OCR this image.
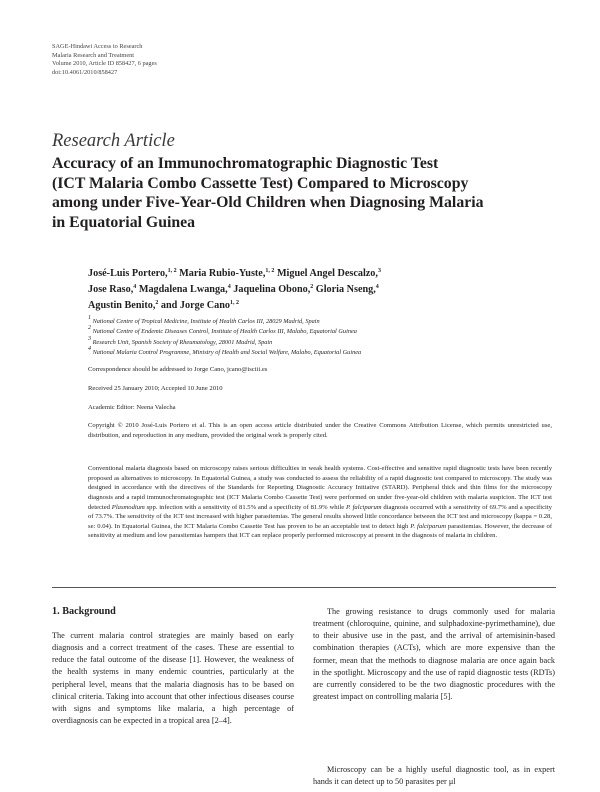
SAGE-Hindawi Access to Research
Malaria Research and Treatment
Volume 2010, Article ID 858427, 6 pages
doi:10.4061/2010/858427
Research Article
Accuracy of an Immunochromatographic Diagnostic Test
(ICT Malaria Combo Cassette Test) Compared to Microscopy
among under Five-Year-Old Children when Diagnosing Malaria
in Equatorial Guinea
José-Luis Portero,$^{1, 2}$ Maria Rubio-Yuste,$^{1, 2}$ Miguel Angel Descalzo,$^3$
Jose Raso,$^4$ Magdalena Lwanga,$^4$ Jaquelina Obono,$^2$ Gloria Nseng,$^4$
Agustin Benito,$^2$ and Jorge Cano$^{1, 2}$
$^1$ National Centre of Tropical Medicine, Institute of Health Carlos III, 28029 Madrid, Spain
$^2$ National Centre of Endemic Diseases Control, Institute of Health Carlos III, Malabo, Equatorial Guinea
$^3$ Research Unit, Spanish Society of Rheumatology, 28001 Madrid, Spain
$^4$ National Malaria Control Programme, Ministry of Health and Social Welfare, Malabo, Equatorial Guinea
Correspondence should be addressed to Jorge Cano, jcano@isciii.es
Received 25 January 2010; Accepted 10 June 2010
Academic Editor: Neena Valecha

Copyright © 2010 José-Luis Portero et al. This is an open access article distributed under the Creative Commons Attribution License, which permits unrestricted use, distribution, and reproduction in any medium, provided the original work is properly cited.

Conventional malaria diagnosis based on microscopy raises serious difficulties in weak health systems. Cost-effective and sensitive rapid diagnostic tests have been recently proposed as alternatives to microscopy. In Equatorial Guinea, a study was conducted to assess the reliability of a rapid diagnostic test compared to microscopy. The study was designed in accordance with the directives of the Standards for Reporting Diagnostic Accuracy Initiative (STARD). Peripheral thick and thin films for the microscopy diagnosis and a rapid immunochromatographic test (ICT Malaria Combo Cassette Test) were performed on under five-year-old children with malaria suspicion. The ICT test detected Plasmodium spp. infection with a sensitivity of 81.5% and a specificity of 81.9% while P. falciparum diagnosis occurred with a sensitivity of 69.7% and a specificity of 73.7%. The sensitivity of the ICT test increased with higher parasitemias. The general results showed little concordance between the ICT test and microscopy (kappa = 0.28, se: 0.04). In Equatorial Guinea, the ICT Malaria Combo Cassette Test has proven to be an acceptable test to detect high P. falciparum parasitemias. However, the decrease of sensitivity at medium and low parasitemias hampers that ICT can replace properly performed microscopy at present in the diagnosis of malaria in children.

1. Background

The current malaria control strategies are mainly based on early diagnosis and a correct treatment of the cases. These are essential to reduce the fatal outcome of the disease [1]. However, the weakness of the health systems in many endemic countries, particularly at the peripheral level, means that the malaria diagnosis has to be based on clinical criteria. Taking into account that other infectious diseases course with signs and symptoms like malaria, a high percentage of overdiagnosis can be expected in a tropical area [2–4].

The growing resistance to drugs commonly used for malaria treatment (chloroquine, quinine, and sulphadoxine-pyrimethamine), due to their abusive use in the past, and the arrival of artemisinin-based combination therapies (ACTs), which are more expensive than the former, mean that the methods to diagnose malaria are once again back in the spotlight. Microscopy and the use of rapid diagnostic tests (RDTs) are currently considered to be the two diagnostic procedures with the greatest impact on controlling malaria [5].

Microscopy can be a highly useful diagnostic tool, as in expert hands it can detect up to 50 parasites per μl
